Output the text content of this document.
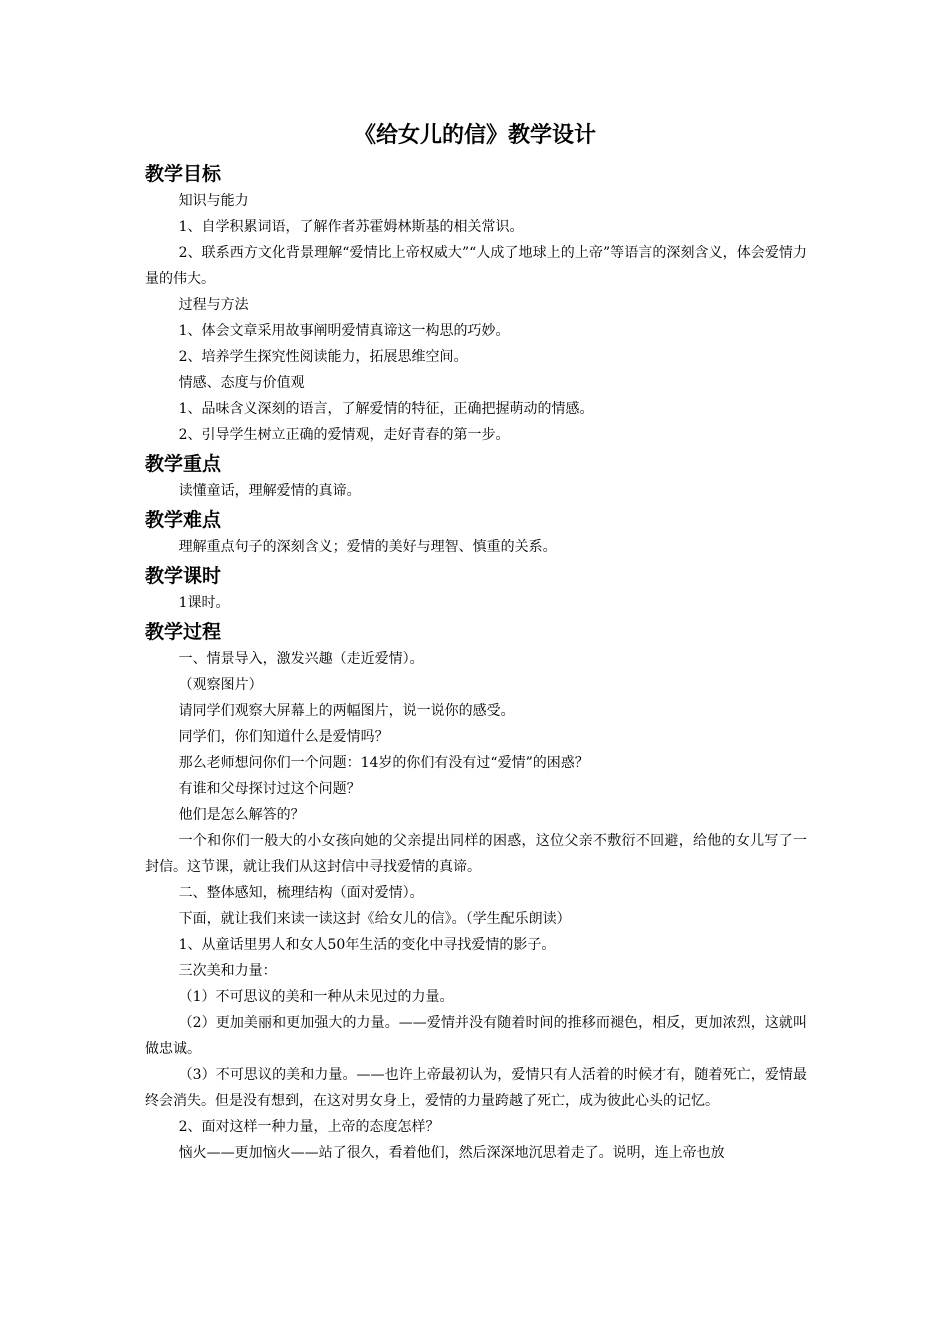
《给女儿的信》教学设计
教学目标

知识与能力

1、自学积累词语，了解作者苏霍姆林斯基的相关常识。

2、联系西方文化背景理解“爱情比上帝权威大”“人成了地球上的上帝”等语言的深刻含义，体会爱情力量的伟大。

过程与方法

1、体会文章采用故事阐明爱情真谛这一构思的巧妙。

2、培养学生探究性阅读能力，拓展思维空间。

情感、态度与价值观

1、品味含义深刻的语言，了解爱情的特征，正确把握萌动的情感。

2、引导学生树立正确的爱情观，走好青春的第一步。

教学重点

读懂童话，理解爱情的真谛。

教学难点

理解重点句子的深刻含义；爱情的美好与理智、慎重的关系。

教学课时

1课时。

教学过程

一、情景导入，激发兴趣（走近爱情）。

（观察图片）

请同学们观察大屏幕上的两幅图片，说一说你的感受。

同学们，你们知道什么是爱情吗？

那么老师想问你们一个问题：14岁的你们有没有过“爱情”的困惑？

有谁和父母探讨过这个问题？

他们是怎么解答的？

一个和你们一般大的小女孩向她的父亲提出同样的困惑，这位父亲不敷衍不回避，给他的女儿写了一封信。这节课，就让我们从这封信中寻找爱情的真谛。

二、整体感知，梳理结构（面对爱情）。

下面，就让我们来读一读这封《给女儿的信》。（学生配乐朗读）

1、从童话里男人和女人50年生活的变化中寻找爱情的影子。

三次美和力量：

（1）不可思议的美和一种从未见过的力量。

（2）更加美丽和更加强大的力量。——爱情并没有随着时间的推移而褪色，相反，更加浓烈，这就叫做忠诚。

（3）不可思议的美和力量。——也许上帝最初认为，爱情只有人活着的时候才有，随着死亡，爱情最终会消失。但是没有想到，在这对男女身上，爱情的力量跨越了死亡，成为彼此心头的记忆。

2、面对这样一种力量，上帝的态度怎样？

恼火——更加恼火——站了很久，看着他们，然后深深地沉思着走了。说明，连上帝也放
